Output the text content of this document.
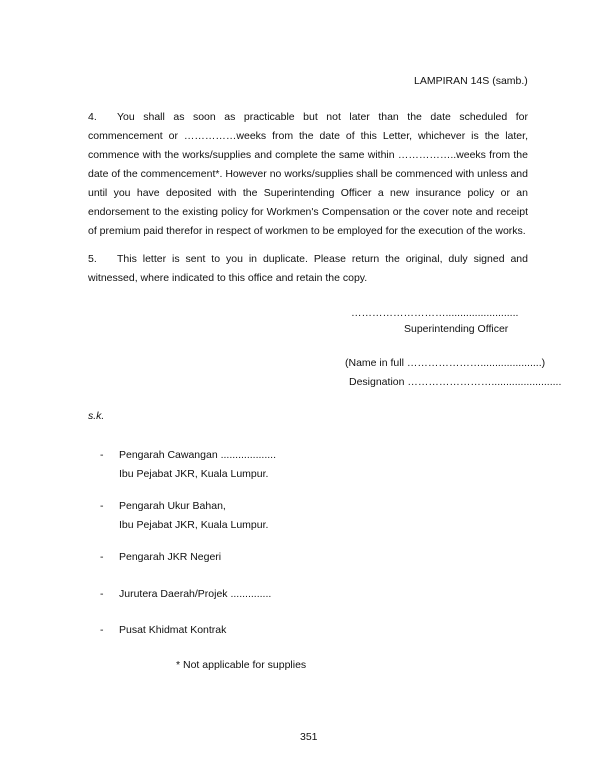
LAMPIRAN 14S (samb.)
4. You shall as soon as practicable but not later than the date scheduled for commencement or ……………weeks from the date of this Letter, whichever is the later, commence with the works/supplies and complete the same within ……………..weeks from the date of the commencement*. However no works/supplies shall be commenced with unless and until you have deposited with the Superintending Officer a new insurance policy or an endorsement to the existing policy for Workmen's Compensation or the cover note and receipt of premium paid therefor in respect of workmen to be employed for the execution of the works.
5. This letter is sent to you in duplicate. Please return the original, duly signed and witnessed, where indicated to this office and retain the copy.
……………………….........................
Superintending Officer
(Name in full ………………….....................)
Designation ……………………........................
s.k.
- Pengarah Cawangan ...................
Ibu Pejabat JKR, Kuala Lumpur.
- Pengarah Ukur Bahan,
Ibu Pejabat JKR, Kuala Lumpur.
- Pengarah JKR Negeri
- Jurutera Daerah/Projek ..............
- Pusat Khidmat Kontrak
* Not applicable for supplies
351
